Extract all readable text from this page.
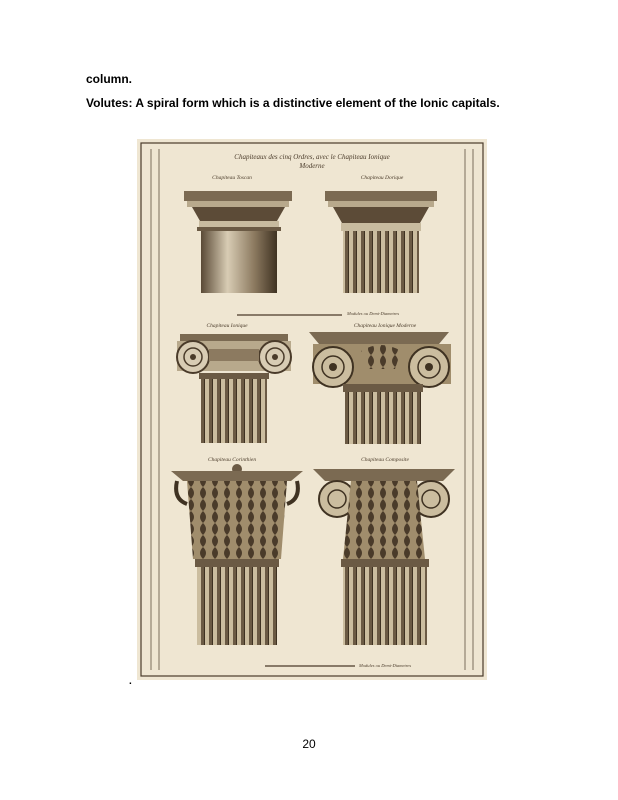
column.
Volutes: A spiral form which is a distinctive element of the Ionic capitals.
Chapiteaux des cinq Ordres, avec le Chapiteau Ionique
Moderne
Chapiteau Toscan	Chapiteau Dorique
Modules ou Demi-Diametres
Chapiteau Ionique	Chapiteau Ionique Moderne
Chapiteau Corinthien	Chapiteau Composite
Modules ou Demi-Diametres
.
20
